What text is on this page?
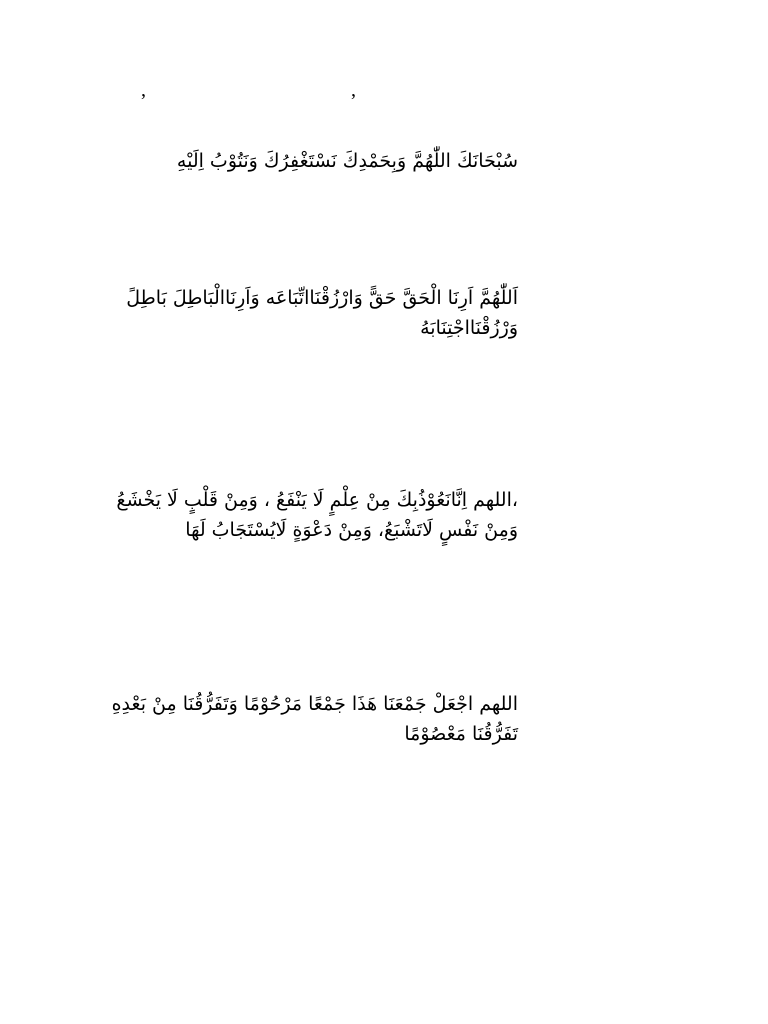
,	,
سُبْحَانَكَ اللّٰهُمَّ وَبِحَمْدِكَ نَسْتَغْفِرُكَ وَنَتُوْبُ اِلَيْهِ
اَللّٰهُمَّ اَرِنَا الْحَقَّ حَقًّ وَارْزُقْنَااتِّبَاعَه وَاَرِنَاالْبَاطِلَ بَاطِلً
وَرْزُقْنَااجْتِنَابَهُ
،اللهم اِنَّانَعُوْذُبِكَ مِنْ عِلْمٍ لَا يَنْفَعُ ، وَمِنْ قَلْبٍ لَا يَخْشَعُ
وَمِنْ نَفْسٍ لَاتَشْبَعُ، وَمِنْ دَعْوَةٍ لَايُسْتَجَابُ لَهَا
اللهم اجْعَلْ جَمْعَنَا هَذَا جَمْعًا مَرْحُوْمًا وَتَفَرُّقُنَا مِنْ بَعْدِهِ
تَفَرُّقُنَا مَعْصُوْمًا
